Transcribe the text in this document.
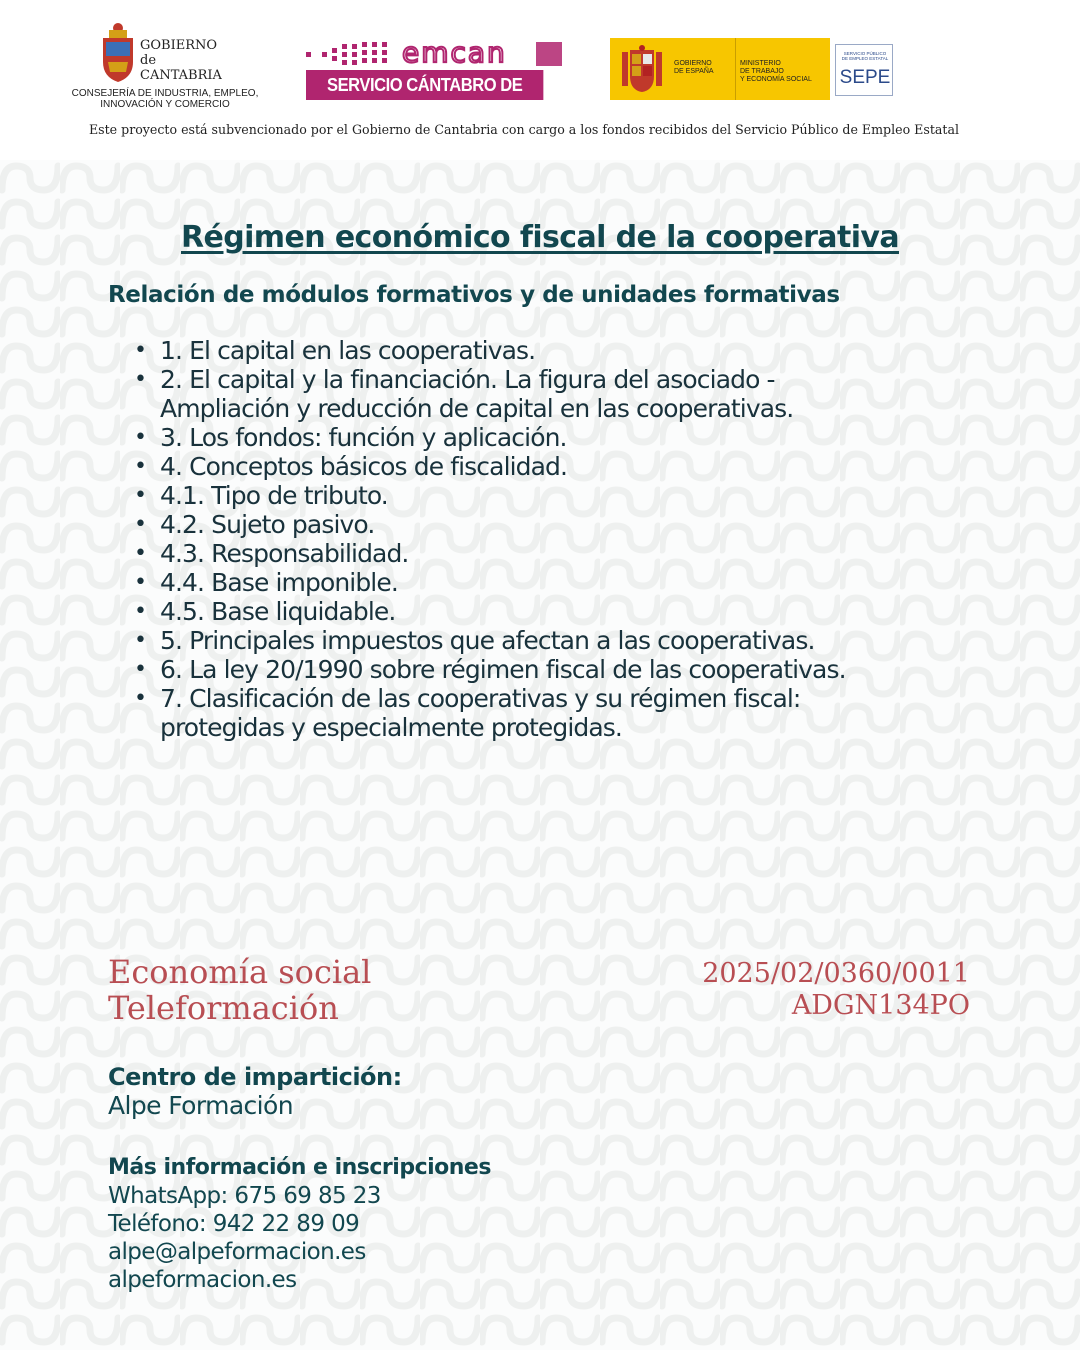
GOBIERNO
de
CANTABRIA
CONSEJERÍA DE INDUSTRIA, EMPLEO,
INNOVACIÓN Y COMERCIO
emcan
SERVICIO CÁNTABRO DE EMPLEO
GOBIERNO
DE ESPAÑA
MINISTERIO
DE TRABAJO
Y ECONOMÍA SOCIAL
SERVICIO PÚBLICO
DE EMPLEO ESTATAL
SEPE
Este proyecto está subvencionado por el Gobierno de Cantabria con cargo a los fondos recibidos del Servicio Público de Empleo Estatal
Régimen económico fiscal de la cooperativa
Relación de módulos formativos y de unidades formativas
• 1. El capital en las cooperativas.
• 2. El capital y la financiación. La figura del asociado -
Ampliación y reducción de capital en las cooperativas.
• 3. Los fondos: función y aplicación.
• 4. Conceptos básicos de fiscalidad.
• 4.1. Tipo de tributo.
• 4.2. Sujeto pasivo.
• 4.3. Responsabilidad.
• 4.4. Base imponible.
• 4.5. Base liquidable.
• 5. Principales impuestos que afectan a las cooperativas.
• 6. La ley 20/1990 sobre régimen fiscal de las cooperativas.
• 7. Clasificación de las cooperativas y su régimen fiscal:
protegidas y especialmente protegidas.
Economía social
Teleformación
2025/02/0360/0011
ADGN134PO
Centro de impartición:
Alpe Formación
Más información e inscripciones
WhatsApp: 675 69 85 23
Teléfono: 942 22 89 09
alpe@alpeformacion.es
alpeformacion.es
